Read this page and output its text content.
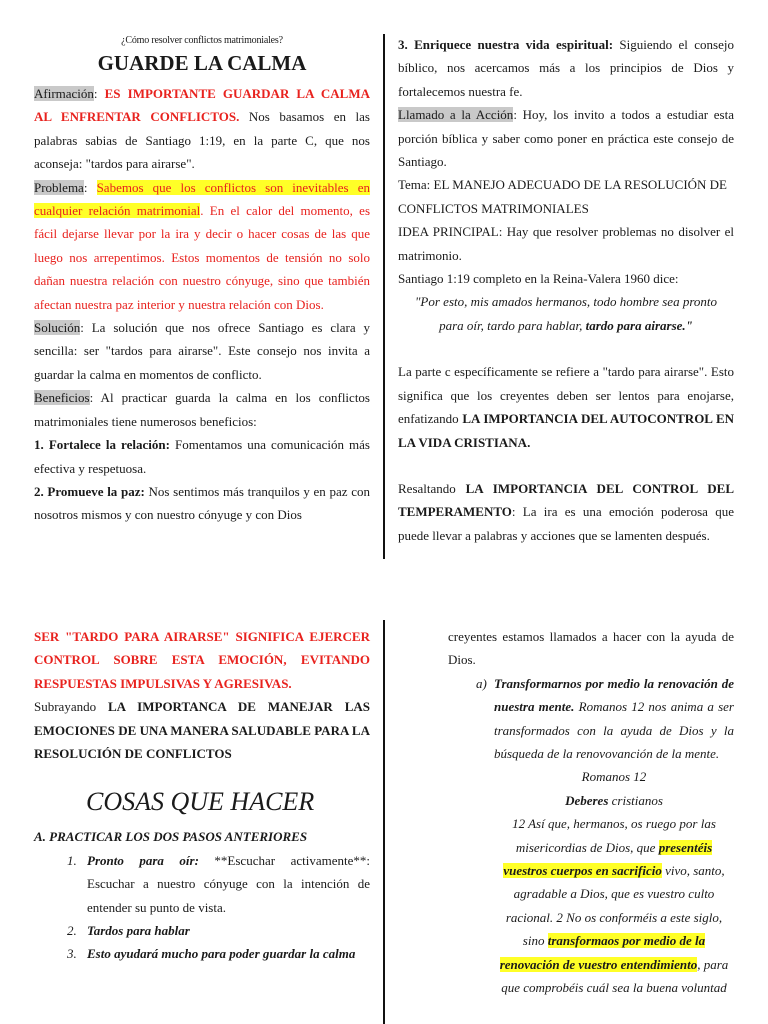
¿Cómo resolver conflictos matrimoniales?

GUARDE LA CALMA

Afirmación: ES IMPORTANTE GUARDAR LA CALMA AL ENFRENTAR CONFLICTOS. Nos basamos en las palabras sabias de Santiago 1:19, en la parte C, que nos aconseja: "tardos para airarse".

Problema: Sabemos que los conflictos son inevitables en cualquier relación matrimonial. En el calor del momento, es fácil dejarse llevar por la ira y decir o hacer cosas de las que luego nos arrepentimos. Estos momentos de tensión no solo dañan nuestra relación con nuestro cónyuge, sino que también afectan nuestra paz interior y nuestra relación con Dios.

Solución: La solución que nos ofrece Santiago es clara y sencilla: ser "tardos para airarse". Este consejo nos invita a guardar la calma en momentos de conflicto.

Beneficios: Al practicar guarda la calma en los conflictos matrimoniales tiene numerosos beneficios:

1. Fortalece la relación: Fomentamos una comunicación más efectiva y respetuosa.

2. Promueve la paz: Nos sentimos más tranquilos y en paz con nosotros mismos y con nuestro cónyuge y con Dios

3. Enriquece nuestra vida espiritual: Siguiendo el consejo bíblico, nos acercamos más a los principios de Dios y fortalecemos nuestra fe.

Llamado a la Acción: Hoy, los invito a todos a estudiar esta porción bíblica y saber como poner en práctica este consejo de Santiago.

Tema: EL MANEJO ADECUADO DE LA RESOLUCIÓN DE CONFLICTOS MATRIMONIALES

IDEA PRINCIPAL: Hay que resolver problemas no disolver el matrimonio.

Santiago 1:19 completo en la Reina-Valera 1960 dice:

"Por esto, mis amados hermanos, todo hombre sea pronto para oír, tardo para hablar, tardo para airarse."

La parte c específicamente se refiere a "tardo para airarse". Esto significa que los creyentes deben ser lentos para enojarse, enfatizando LA IMPORTANCIA DEL AUTOCONTROL EN LA VIDA CRISTIANA.

Resaltando LA IMPORTANCIA DEL CONTROL DEL TEMPERAMENTO: La ira es una emoción poderosa que puede llevar a palabras y acciones que se lamenten después.

SER "TARDO PARA AIRARSE" SIGNIFICA EJERCER CONTROL SOBRE ESTA EMOCIÓN, EVITANDO RESPUESTAS IMPULSIVAS Y AGRESIVAS.

Subrayando LA IMPORTANCA DE MANEJAR LAS EMOCIONES DE UNA MANERA SALUDABLE PARA LA RESOLUCIÓN DE CONFLICTOS

COSAS QUE HACER

A. PRACTICAR LOS DOS PASOS ANTERIORES

1. Pronto para oír: **Escuchar activamente**: Escuchar a nuestro cónyuge con la intención de entender su punto de vista.

2. Tardos para hablar

3. Esto ayudará mucho para poder guardar la calma

creyentes estamos llamados a hacer con la ayuda de Dios.

a) Transformarnos por medio la renovación de nuestra mente. Romanos 12 nos anima a ser transformados con la ayuda de Dios y la búsqueda de la renovovanción de la mente.

Romanos 12

Deberes cristianos

12 Así que, hermanos, os ruego por las misericordias de Dios, que presentéis vuestros cuerpos en sacrificio vivo, santo, agradable a Dios, que es vuestro culto racional. 2 No os conforméis a este siglo, sino transformaos por medio de la renovación de vuestro entendimiento, para que comprobéis cuál sea la buena voluntad
